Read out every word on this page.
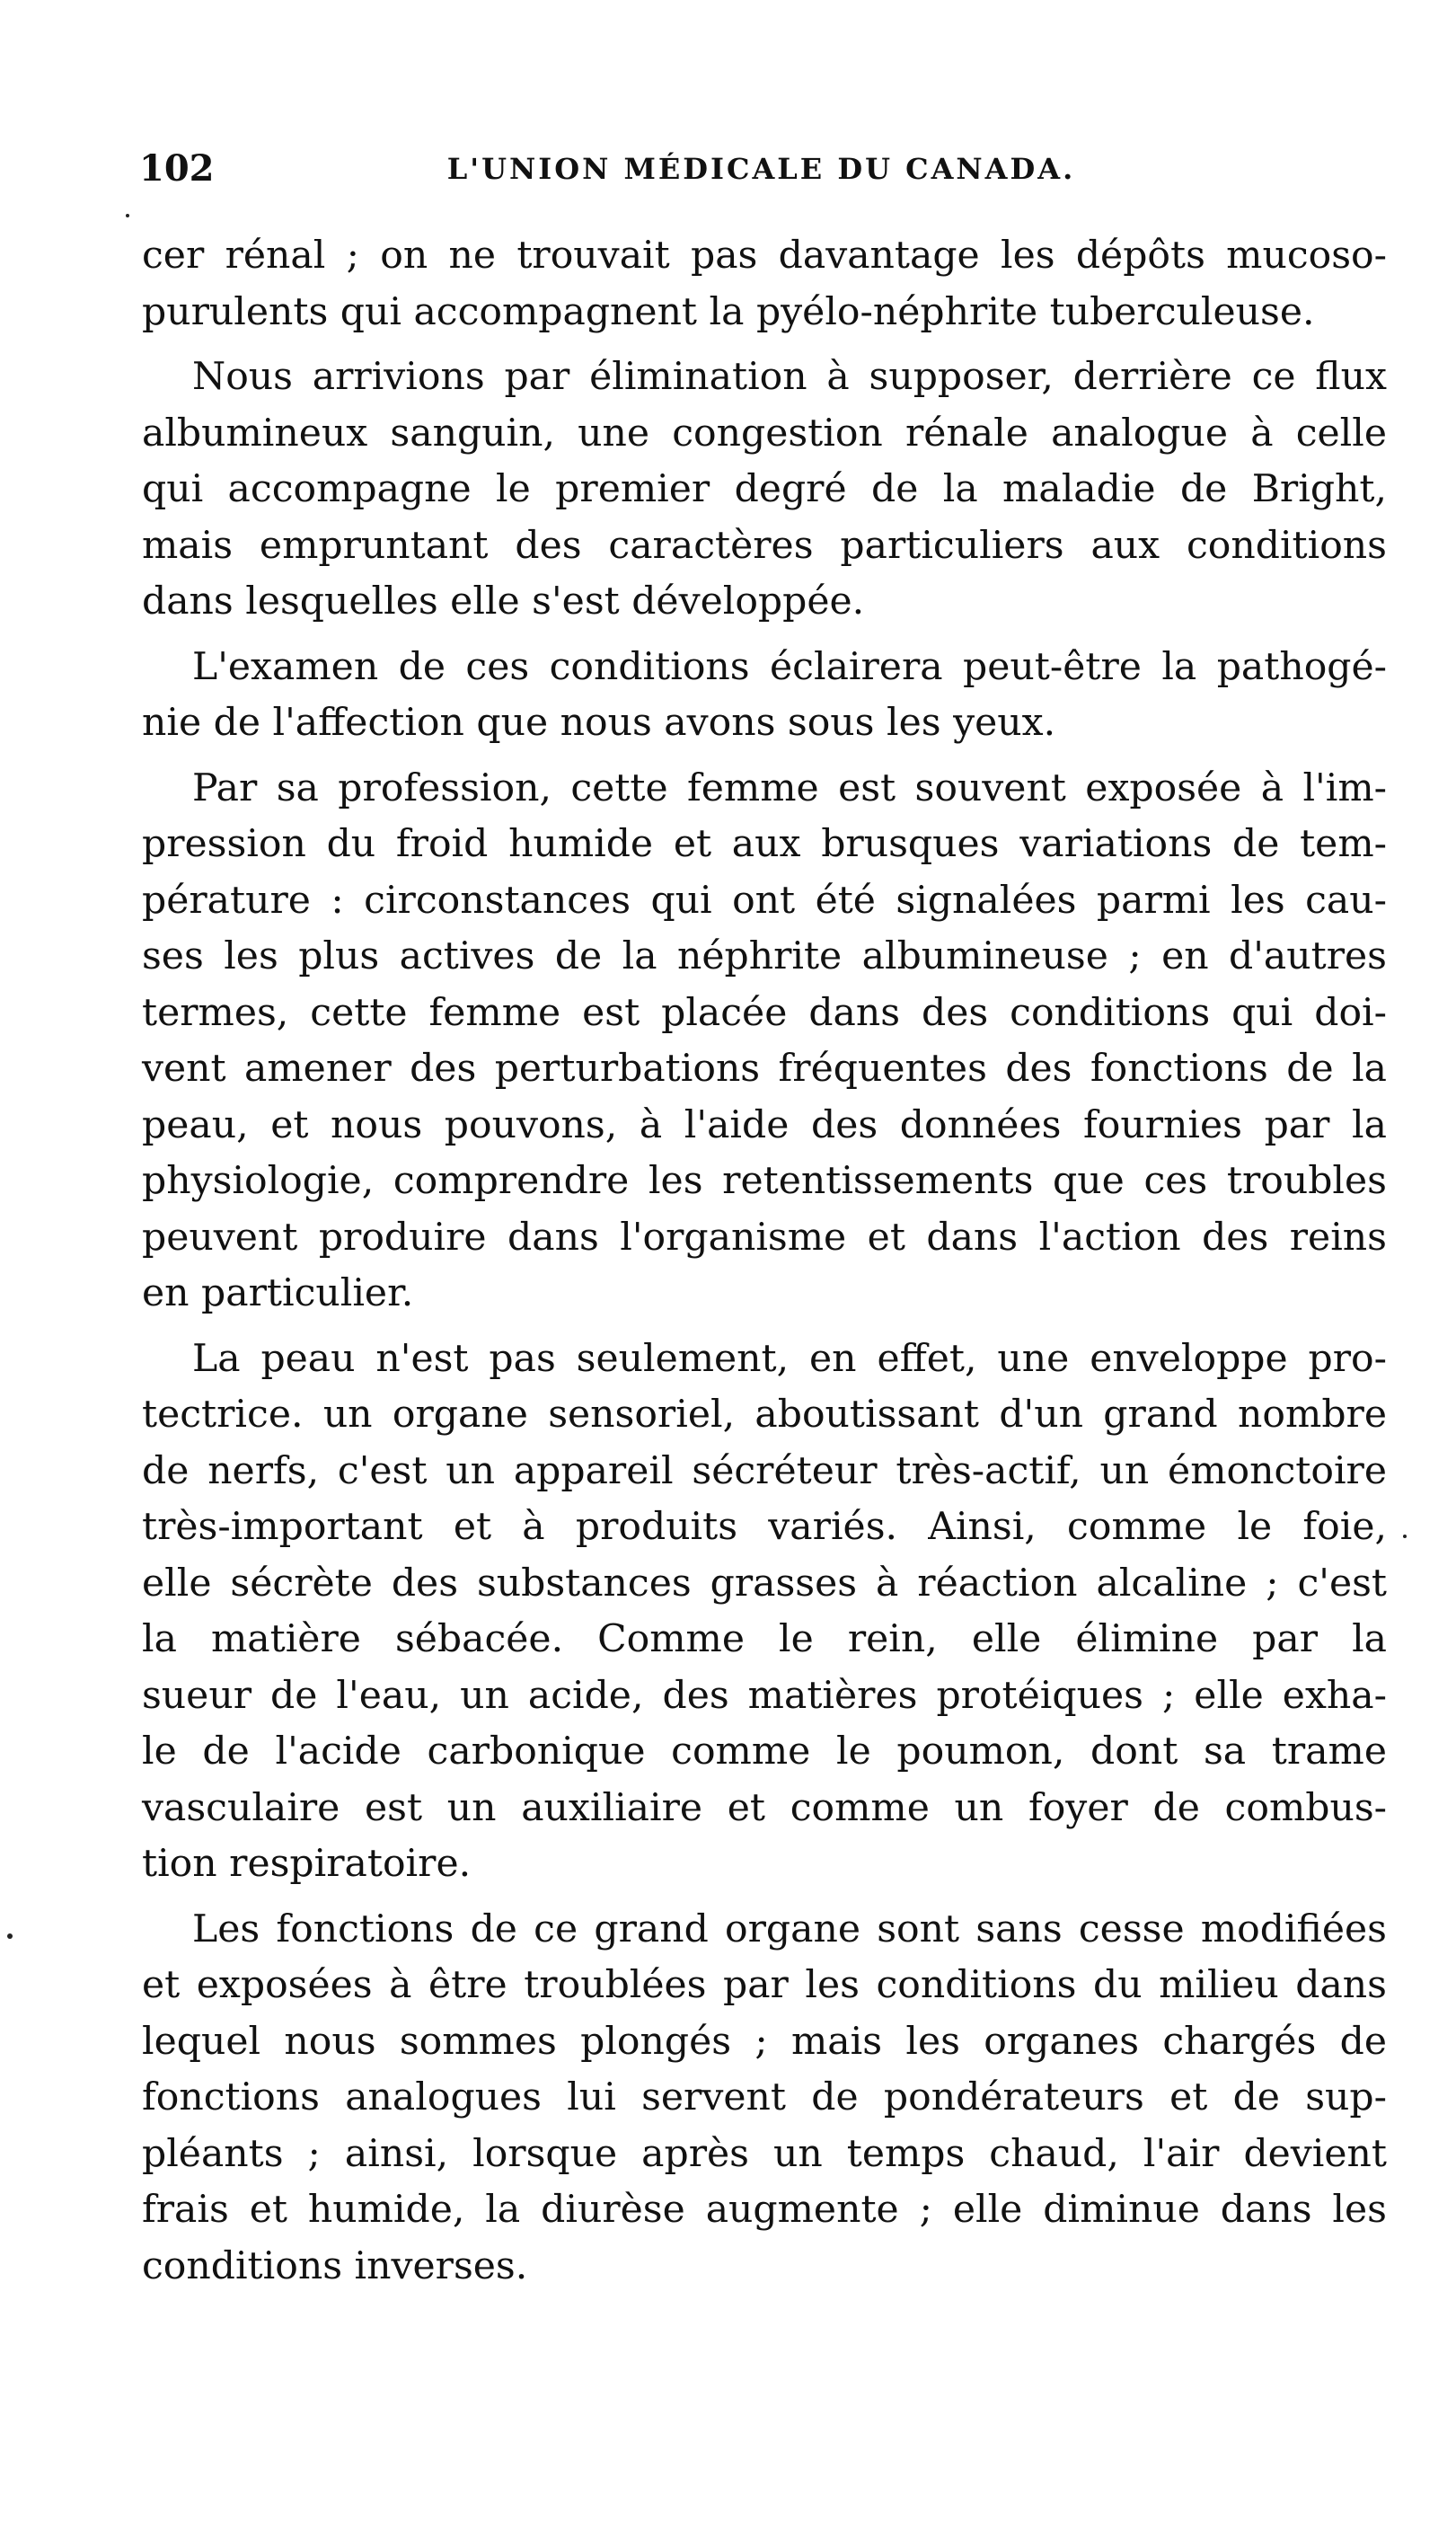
102	L'UNION MÉDICALE DU CANADA.
cer rénal ; on ne trouvait pas davantage les dépôts mucoso-
purulents qui accompagnent la pyélo-néphrite tuberculeuse.
Nous arrivions par élimination à supposer, derrière ce flux
albumineux sanguin, une congestion rénale analogue à celle
qui accompagne le premier degré de la maladie de Bright,
mais empruntant des caractères particuliers aux conditions
dans lesquelles elle s'est développée.
L'examen de ces conditions éclairera peut-être la pathogé-
nie de l'affection que nous avons sous les yeux.
Par sa profession, cette femme est souvent exposée à l'im-
pression du froid humide et aux brusques variations de tem-
pérature : circonstances qui ont été signalées parmi les cau-
ses les plus actives de la néphrite albumineuse ; en d'autres
termes, cette femme est placée dans des conditions qui doi-
vent amener des perturbations fréquentes des fonctions de la
peau, et nous pouvons, à l'aide des données fournies par la
physiologie, comprendre les retentissements que ces troubles
peuvent produire dans l'organisme et dans l'action des reins
en particulier.
La peau n'est pas seulement, en effet, une enveloppe pro-
tectrice. un organe sensoriel, aboutissant d'un grand nombre
de nerfs, c'est un appareil sécréteur très-actif, un émonctoire
très-important et à produits variés. Ainsi, comme le foie,
elle sécrète des substances grasses à réaction alcaline ; c'est
la matière sébacée. Comme le rein, elle élimine par la
sueur de l'eau, un acide, des matières protéiques ; elle exha-
le de l'acide carbonique comme le poumon, dont sa trame
vasculaire est un auxiliaire et comme un foyer de combus-
tion respiratoire.
Les fonctions de ce grand organe sont sans cesse modifiées
et exposées à être troublées par les conditions du milieu dans
lequel nous sommes plongés ; mais les organes chargés de
fonctions analogues lui servent de pondérateurs et de sup-
pléants ; ainsi, lorsque après un temps chaud, l'air devient
frais et humide, la diurèse augmente ; elle diminue dans les
conditions inverses.
